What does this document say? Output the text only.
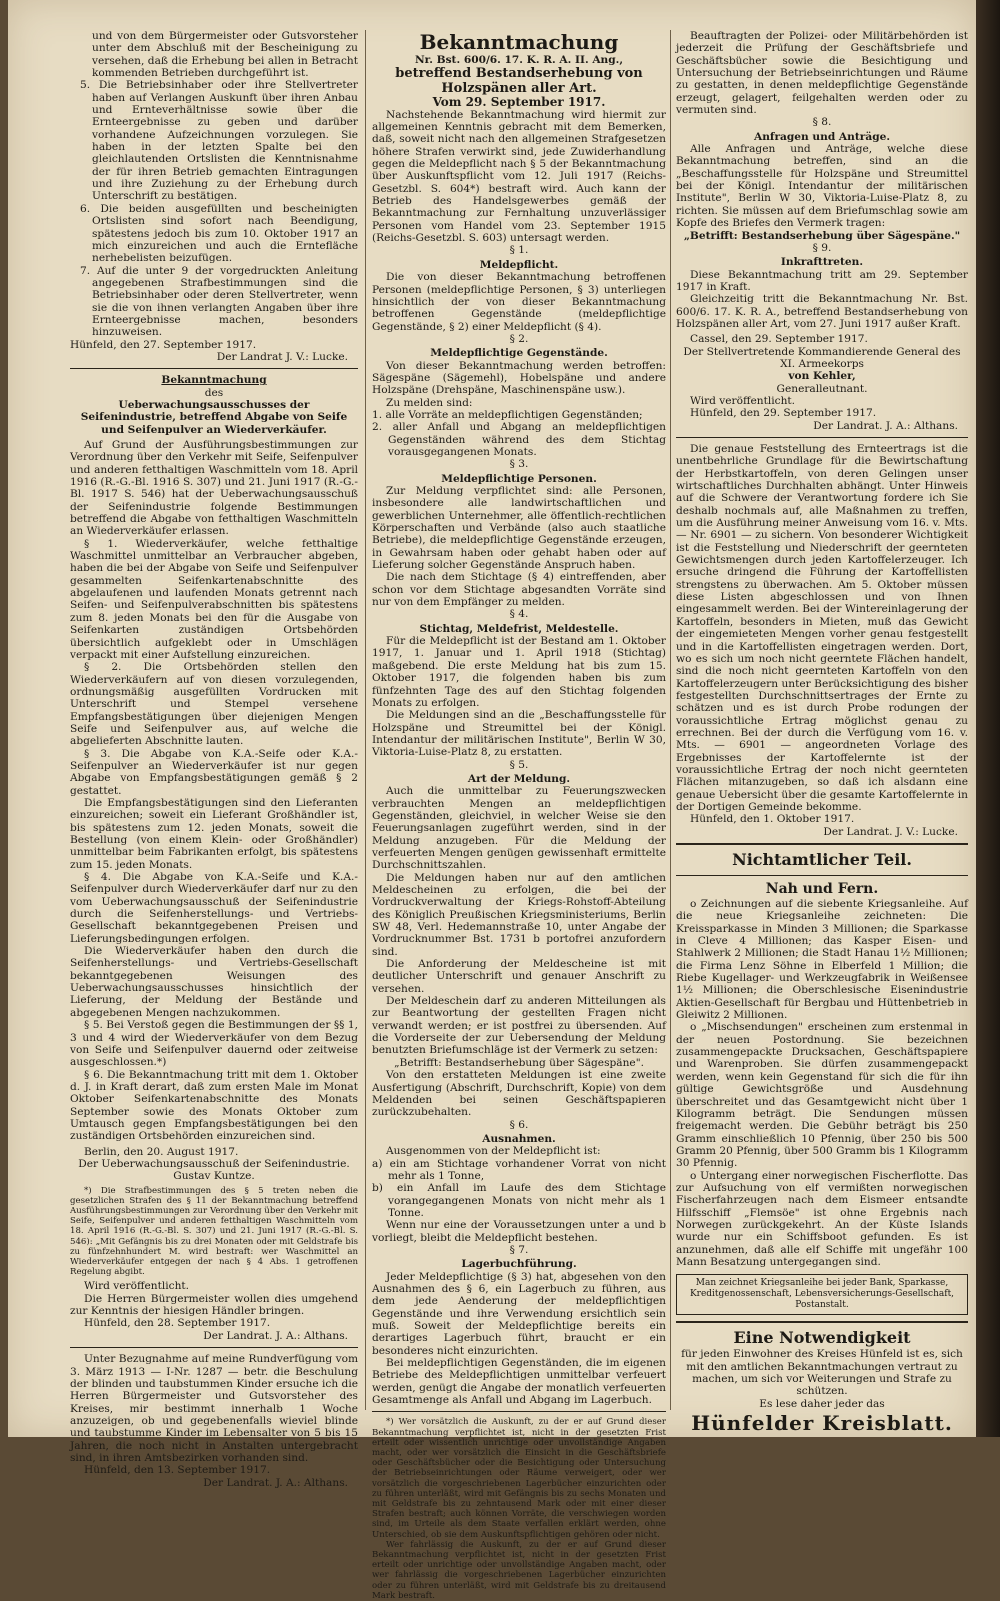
und von dem Bürgermeister oder Gutsvorsteher unter dem Abschluß mit der Bescheinigung zu versehen, daß die Erhebung bei allen in Betracht kommenden Betrieben durchgeführt ist.

5. Die Betriebsinhaber oder ihre Stellvertreter haben auf Verlangen Auskunft über ihren Anbau und Ernteverhältnisse sowie über die Ernteergebnisse zu geben und darüber vorhandene Aufzeichnungen vorzulegen. Sie haben in der letzten Spalte bei den gleichlautenden Ortslisten die Kenntnisnahme der für ihren Betrieb gemachten Eintragungen und ihre Zuziehung zu der Erhebung durch Unterschrift zu bestätigen.

6. Die beiden ausgefüllten und bescheinigten Ortslisten sind sofort nach Beendigung, spätestens jedoch bis zum 10. Oktober 1917 an mich einzureichen und auch die Erntefläche nerhebelisten beizufügen.

7. Auf die unter 9 der vorgedruckten Anleitung angegebenen Strafbestimmungen sind die Betriebsinhaber oder deren Stellvertreter, wenn sie die von ihnen verlangten Angaben über ihre Ernteergebnisse machen, besonders hinzuweisen.

Hünfeld, den 27. September 1917.

Der Landrat J. V.: Lucke.

Bekanntmachung

des

Ueberwachungsausschusses der Seifenindustrie, betreffend Abgabe von Seife und Seifenpulver an Wiederverkäufer.

Auf Grund der Ausführungsbestimmungen zur Verordnung über den Verkehr mit Seife, Seifenpulver und anderen fetthaltigen Waschmitteln vom 18. April 1916 (R.-G.-Bl. 1916 S. 307) und 21. Juni 1917 (R.-G.-Bl. 1917 S. 546) hat der Ueberwachungsausschuß der Seifenindustrie folgende Bestimmungen betreffend die Abgabe von fetthaltigen Waschmitteln an Wiederverkäufer erlassen.

§ 1. Wiederverkäufer, welche fetthaltige Waschmittel unmittelbar an Verbraucher abgeben, haben die bei der Abgabe von Seife und Seifenpulver gesammelten Seifenkartenabschnitte des abgelaufenen und laufenden Monats getrennt nach Seifen- und Seifenpulverabschnitten bis spätestens zum 8. jeden Monats bei den für die Ausgabe von Seifenkarten zuständigen Ortsbehörden übersichtlich aufgeklebt oder in Umschlägen verpackt mit einer Aufstellung einzureichen.

§ 2. Die Ortsbehörden stellen den Wiederverkäufern auf von diesen vorzulegenden, ordnungsmäßig ausgefüllten Vordrucken mit Unterschrift und Stempel versehene Empfangsbestätigungen über diejenigen Mengen Seife und Seifenpulver aus, auf welche die abgelieferten Abschnitte lauten.

§ 3. Die Abgabe von K.A.-Seife oder K.A.-Seifenpulver an Wiederverkäufer ist nur gegen Abgabe von Empfangsbestätigungen gemäß § 2 gestattet.

Die Empfangsbestätigungen sind den Lieferanten einzureichen; soweit ein Lieferant Großhändler ist, bis spätestens zum 12. jeden Monats, soweit die Bestellung (von einem Klein- oder Großhändler) unmittelbar beim Fabrikanten erfolgt, bis spätestens zum 15. jeden Monats.

§ 4. Die Abgabe von K.A.-Seife und K.A.-Seifenpulver durch Wiederverkäufer darf nur zu den vom Ueberwachungsausschuß der Seifenindustrie durch die Seifenherstellungs- und Vertriebs-Gesellschaft bekanntgegebenen Preisen und Lieferungsbedingungen erfolgen.

Die Wiederverkäufer haben den durch die Seifenherstellungs- und Vertriebs-Gesellschaft bekanntgegebenen Weisungen des Ueberwachungsausschusses hinsichtlich der Lieferung, der Meldung der Bestände und abgegebenen Mengen nachzukommen.

§ 5. Bei Verstoß gegen die Bestimmungen der §§ 1, 3 und 4 wird der Wiederverkäufer von dem Bezug von Seife und Seifenpulver dauernd oder zeitweise ausgeschlossen.*)

§ 6. Die Bekanntmachung tritt mit dem 1. Oktober d. J. in Kraft derart, daß zum ersten Male im Monat Oktober Seifenkartenabschnitte des Monats September sowie des Monats Oktober zum Umtausch gegen Empfangsbestätigungen bei den zuständigen Ortsbehörden einzureichen sind.

Berlin, den 20. August 1917.

Der Ueberwachungsausschuß der Seifenindustrie.

Gustav Kuntze.

*) Die Strafbestimmungen des § 5 treten neben die gesetzlichen Strafen des § 11 der Bekanntmachung betreffend Ausführungsbestimmungen zur Verordnung über den Verkehr mit Seife, Seifenpulver und anderen fetthaltigen Waschmitteln vom 18. April 1916 (R.-G.-Bl. S. 307) und 21. Juni 1917 (R.-G.-Bl. S. 546): „Mit Gefängnis bis zu drei Monaten oder mit Geldstrafe bis zu fünfzehnhundert M. wird bestraft: wer Waschmittel an Wiederverkäufer entgegen der nach § 4 Abs. 1 getroffenen Regelung abgibt.

Wird veröffentlicht.

Die Herren Bürgermeister wollen dies umgehend zur Kenntnis der hiesigen Händler bringen.

Hünfeld, den 28. September 1917.

Der Landrat. J. A.: Althans.

Unter Bezugnahme auf meine Rundverfügung vom 3. März 1913 — I-Nr. 1287 — betr. die Beschulung der blinden und taubstummen Kinder ersuche ich die Herren Bürgermeister und Gutsvorsteher des Kreises, mir bestimmt innerhalb 1 Woche anzuzeigen, ob und gegebenenfalls wieviel blinde und taubstumme Kinder im Lebensalter von 5 bis 15 Jahren, die noch nicht in Anstalten untergebracht sind, in ihren Amtsbezirken vorhanden sind.

Hünfeld, den 13. September 1917.

Der Landrat. J. A.: Althans.

Bekanntmachung

Nr. Bst. 600/6. 17. K. R. A. II. Ang.,

betreffend Bestandserhebung von Holzspänen aller Art.

Vom 29. September 1917.

Nachstehende Bekanntmachung wird hiermit zur allgemeinen Kenntnis gebracht mit dem Bemerken, daß, soweit nicht nach den allgemeinen Strafgesetzen höhere Strafen verwirkt sind, jede Zuwiderhandlung gegen die Meldepflicht nach § 5 der Bekanntmachung über Auskunftspflicht vom 12. Juli 1917 (Reichs-Gesetzbl. S. 604*) bestraft wird. Auch kann der Betrieb des Handelsgewerbes gemäß der Bekanntmachung zur Fernhaltung unzuverlässiger Personen vom Handel vom 23. September 1915 (Reichs-Gesetzbl. S. 603) untersagt werden.

§ 1.

Meldepflicht.

Die von dieser Bekanntmachung betroffenen Personen (meldepflichtige Personen, § 3) unterliegen hinsichtlich der von dieser Bekanntmachung betroffenen Gegenstände (meldepflichtige Gegenstände, § 2) einer Meldepflicht (§ 4).

§ 2.

Meldepflichtige Gegenstände.

Von dieser Bekanntmachung werden betroffen: Sägespäne (Sägemehl), Hobelspäne und andere Holzspäne (Drehspäne, Maschinenspäne usw.).

Zu melden sind:

1. alle Vorräte an meldepflichtigen Gegenständen;

2. aller Anfall und Abgang an meldepflichtigen Gegenständen während des dem Stichtag vorausgegangenen Monats.

§ 3.

Meldepflichtige Personen.

Zur Meldung verpflichtet sind: alle Personen, insbesondere alle landwirtschaftlichen und gewerblichen Unternehmer, alle öffentlich-rechtlichen Körperschaften und Verbände (also auch staatliche Betriebe), die meldepflichtige Gegenstände erzeugen, in Gewahrsam haben oder gehabt haben oder auf Lieferung solcher Gegenstände Anspruch haben.

Die nach dem Stichtage (§ 4) eintreffenden, aber schon vor dem Stichtage abgesandten Vorräte sind nur von dem Empfänger zu melden.

§ 4.

Stichtag, Meldefrist, Meldestelle.

Für die Meldepflicht ist der Bestand am 1. Oktober 1917, 1. Januar und 1. April 1918 (Stichtag) maßgebend. Die erste Meldung hat bis zum 15. Oktober 1917, die folgenden haben bis zum fünfzehnten Tage des auf den Stichtag folgenden Monats zu erfolgen.

Die Meldungen sind an die „Beschaffungsstelle für Holzspäne und Streumittel bei der Königl. Intendantur der militärischen Institute", Berlin W 30, Viktoria-Luise-Platz 8, zu erstatten.

§ 5.

Art der Meldung.

Auch die unmittelbar zu Feuerungszwecken verbrauchten Mengen an meldepflichtigen Gegenständen, gleichviel, in welcher Weise sie den Feuerungsanlagen zugeführt werden, sind in der Meldung anzugeben. Für die Meldung der verfeuerten Mengen genügen gewissenhaft ermittelte Durchschnittszahlen.

Die Meldungen haben nur auf den amtlichen Meldescheinen zu erfolgen, die bei der Vordruckverwaltung der Kriegs-Rohstoff-Abteilung des Königlich Preußischen Kriegsministeriums, Berlin SW 48, Verl. Hedemannstraße 10, unter Angabe der Vordrucknummer Bst. 1731 b portofrei anzufordern sind.

Die Anforderung der Meldescheine ist mit deutlicher Unterschrift und genauer Anschrift zu versehen.

Der Meldeschein darf zu anderen Mitteilungen als zur Beantwortung der gestellten Fragen nicht verwandt werden; er ist postfrei zu übersenden. Auf die Vorderseite der zur Uebersendung der Meldung benutzten Briefumschläge ist der Vermerk zu setzen:

„Betrifft: Bestandserhebung über Sägespäne".

Von den erstatteten Meldungen ist eine zweite Ausfertigung (Abschrift, Durchschrift, Kopie) von dem Meldenden bei seinen Geschäftspapieren zurückzubehalten.

§ 6.

Ausnahmen.

Ausgenommen von der Meldepflicht ist:

a) ein am Stichtage vorhandener Vorrat von nicht mehr als 1 Tonne,

b) ein Anfall im Laufe des dem Stichtage vorangegangenen Monats von nicht mehr als 1 Tonne.

Wenn nur eine der Voraussetzungen unter a und b vorliegt, bleibt die Meldepflicht bestehen.

§ 7.

Lagerbuchführung.

Jeder Meldepflichtige (§ 3) hat, abgesehen von den Ausnahmen des § 6, ein Lagerbuch zu führen, aus dem jede Aenderung der meldepflichtigen Gegenstände und ihre Verwendung ersichtlich sein muß. Soweit der Meldepflichtige bereits ein derartiges Lagerbuch führt, braucht er ein besonderes nicht einzurichten.

Bei meldepflichtigen Gegenständen, die im eigenen Betriebe des Meldepflichtigen unmittelbar verfeuert werden, genügt die Angabe der monatlich verfeuerten Gesamtmenge als Anfall und Abgang im Lagerbuch.

*) Wer vorsätzlich die Auskunft, zu der er auf Grund dieser Bekanntmachung verpflichtet ist, nicht in der gesetzten Frist erteilt oder wissentlich unrichtige oder unvollständige Angaben macht, oder wer vorsätzlich die Einsicht in die Geschäftsbriefe oder Geschäftsbücher oder die Besichtigung oder Untersuchung der Betriebseinrichtungen oder Räume verweigert, oder wer vorsätzlich die vorgeschriebenen Lagerbücher einzurichten oder zu führen unterläßt, wird mit Gefängnis bis zu sechs Monaten und mit Geldstrafe bis zu zehntausend Mark oder mit einer dieser Strafen bestraft; auch können Vorräte, die verschwiegen worden sind, im Urteile als dem Staate verfallen erklärt werden, ohne Unterschied, ob sie dem Auskunftspflichtigen gehören oder nicht.

Wer fahrlässig die Auskunft, zu der er auf Grund dieser Bekanntmachung verpflichtet ist, nicht in der gesetzten Frist erteilt oder unrichtige oder unvollständige Angaben macht, oder wer fahrlässig die vorgeschriebenen Lagerbücher einzurichten oder zu führen unterläßt, wird mit Geldstrafe bis zu dreitausend Mark bestraft.

Beauftragten der Polizei- oder Militärbehörden ist jederzeit die Prüfung der Geschäftsbriefe und Geschäftsbücher sowie die Besichtigung und Untersuchung der Betriebseinrichtungen und Räume zu gestatten, in denen meldepflichtige Gegenstände erzeugt, gelagert, feilgehalten werden oder zu vermuten sind.

§ 8.

Anfragen und Anträge.

Alle Anfragen und Anträge, welche diese Bekanntmachung betreffen, sind an die „Beschaffungsstelle für Holzspäne und Streumittel bei der Königl. Intendantur der militärischen Institute", Berlin W 30, Viktoria-Luise-Platz 8, zu richten. Sie müssen auf dem Briefumschlag sowie am Kopfe des Briefes den Vermerk tragen:

„Betrifft: Bestandserhebung über Sägespäne."

§ 9.

Inkrafttreten.

Diese Bekanntmachung tritt am 29. September 1917 in Kraft.

Gleichzeitig tritt die Bekanntmachung Nr. Bst. 600/6. 17. K. R. A., betreffend Bestandserhebung von Holzspänen aller Art, vom 27. Juni 1917 außer Kraft.

Cassel, den 29. September 1917.

Der Stellvertretende Kommandierende General des XI. Armeekorps

von Kehler,

Generalleutnant.

Wird veröffentlicht.

Hünfeld, den 29. September 1917.

Der Landrat. J. A.: Althans.

Die genaue Feststellung des Ernteertrags ist die unentbehrliche Grundlage für die Bewirtschaftung der Herbstkartoffeln, von deren Gelingen unser wirtschaftliches Durchhalten abhängt. Unter Hinweis auf die Schwere der Verantwortung fordere ich Sie deshalb nochmals auf, alle Maßnahmen zu treffen, um die Ausführung meiner Anweisung vom 16. v. Mts. — Nr. 6901 — zu sichern. Von besonderer Wichtigkeit ist die Feststellung und Niederschrift der geernteten Gewichtsmengen durch jeden Kartoffelerzeuger. Ich ersuche dringend die Führung der Kartoffellisten strengstens zu überwachen. Am 5. Oktober müssen diese Listen abgeschlossen und von Ihnen eingesammelt werden. Bei der Wintereinlagerung der Kartoffeln, besonders in Mieten, muß das Gewicht der eingemieteten Mengen vorher genau festgestellt und in die Kartoffellisten eingetragen werden. Dort, wo es sich um noch nicht geerntete Flächen handelt, sind die noch nicht geernteten Kartoffeln von den Kartoffelerzeugern unter Berücksichtigung des bisher festgestellten Durchschnittsertrages der Ernte zu schätzen und es ist durch Probe rodungen der voraussichtliche Ertrag möglichst genau zu errechnen. Bei der durch die Verfügung vom 16. v. Mts. — 6901 — angeordneten Vorlage des Ergebnisses der Kartoffelernte ist der voraussichtliche Ertrag der noch nicht geernteten Flächen mitanzugeben, so daß ich alsdann eine genaue Uebersicht über die gesamte Kartoffelernte in der Dortigen Gemeinde bekomme.

Hünfeld, den 1. Oktober 1917.

Der Landrat. J. V.: Lucke.

Nichtamtlicher Teil.

Nah und Fern.

o Zeichnungen auf die siebente Kriegsanleihe. Auf die neue Kriegsanleihe zeichneten: Die Kreissparkasse in Minden 3 Millionen; die Sparkasse in Cleve 4 Millionen; das Kasper Eisen- und Stahlwerk 2 Millionen; die Stadt Hanau 1½ Millionen; die Firma Lenz Söhne in Elberfeld 1 Million; die Riebe Kugellager- und Werkzeugfabrik in Weißensee 1½ Millionen; die Oberschlesische Eisenindustrie Aktien-Gesellschaft für Bergbau und Hüttenbetrieb in Gleiwitz 2 Millionen.

o „Mischsendungen" erscheinen zum erstenmal in der neuen Postordnung. Sie bezeichnen zusammengepackte Drucksachen, Geschäftspapiere und Warenproben. Sie dürfen zusammengepackt werden, wenn kein Gegenstand für sich die für ihn gültige Gewichtsgröße und Ausdehnung überschreitet und das Gesamtgewicht nicht über 1 Kilogramm beträgt. Die Sendungen müssen freigemacht werden. Die Gebühr beträgt bis 250 Gramm einschließlich 10 Pfennig, über 250 bis 500 Gramm 20 Pfennig, über 500 Gramm bis 1 Kilogramm 30 Pfennig.

o Untergang einer norwegischen Fischerflotte. Das zur Aufsuchung von elf vermißten norwegischen Fischerfahrzeugen nach dem Eismeer entsandte Hilfsschiff „Flemsöe" ist ohne Ergebnis nach Norwegen zurückgekehrt. An der Küste Islands wurde nur ein Schiffsboot gefunden. Es ist anzunehmen, daß alle elf Schiffe mit ungefähr 100 Mann Besatzung untergegangen sind.

Man zeichnet Kriegsanleihe bei jeder Bank, Sparkasse, Kreditgenossenschaft, Lebensversicherungs-Gesellschaft, Postanstalt.

Eine Notwendigkeit

für jeden Einwohner des Kreises Hünfeld ist es, sich mit den amtlichen Bekanntmachungen vertraut zu machen, um sich vor Weiterungen und Strafe zu schützen.

Es lese daher jeder das

Hünfelder Kreisblatt.
